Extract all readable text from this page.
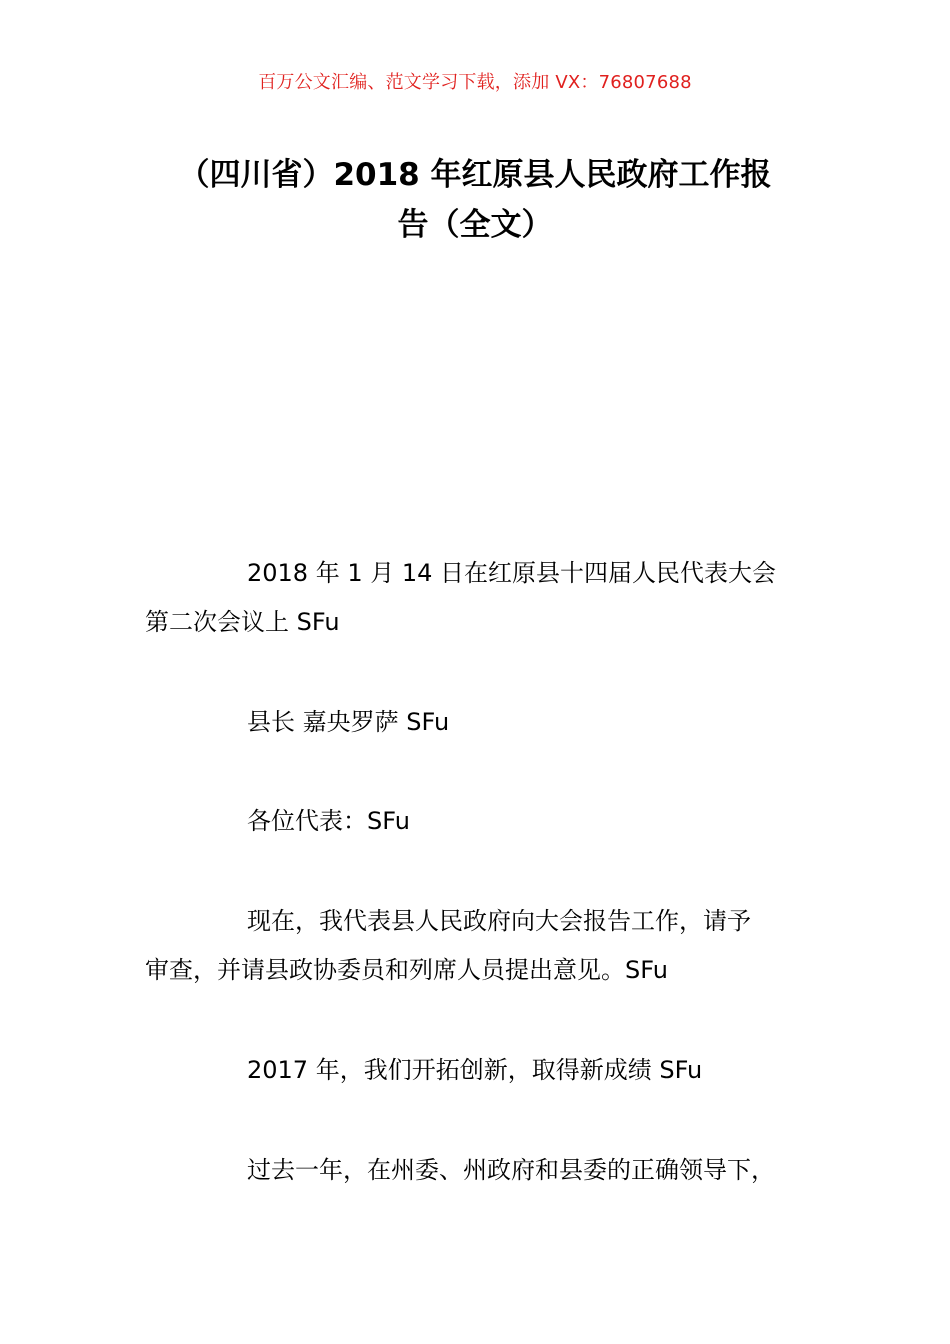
百万公文汇编、范文学习下载，添加 VX：76807688
（四川省）2018 年红原县人民政府工作报
告（全文）

2018 年 1 月 14 日在红原县十四届人民代表大会
第二次会议上 SFu

县长 嘉央罗萨 SFu

各位代表：SFu

现在，我代表县人民政府向大会报告工作，请予
审查，并请县政协委员和列席人员提出意见。SFu

2017 年，我们开拓创新，取得新成绩 SFu

过去一年，在州委、州政府和县委的正确领导下，
